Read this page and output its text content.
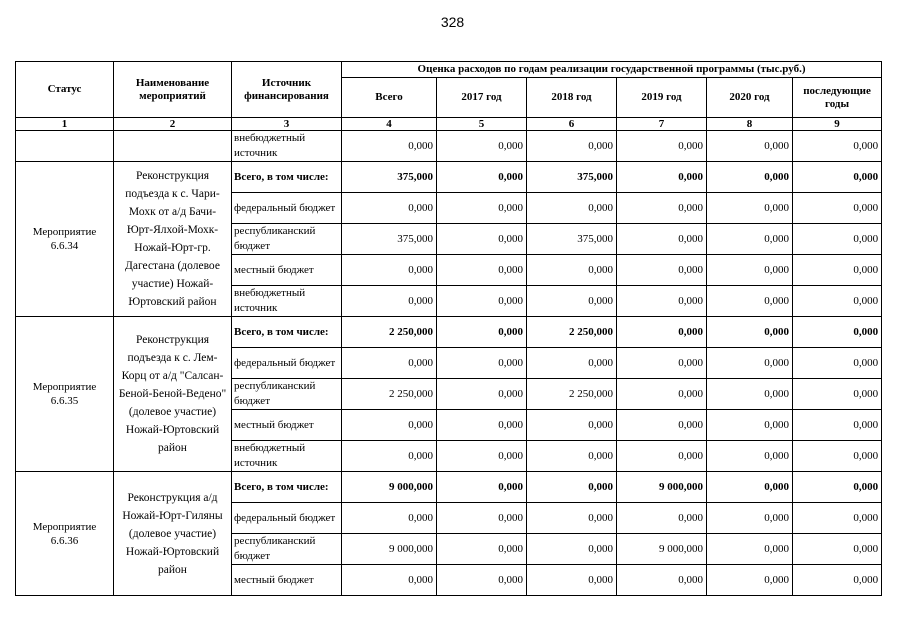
328
Статус	Наименование мероприятий	Источник финансирования	Оценка расходов по годам реализации государственной программы (тыс.руб.)					
			Всего	2017 год	2018 год	2019 год	2020 год	последующие годы
1	2	3	4	5	6	7	8	9
		внебюджетный источник	0,000	0,000	0,000	0,000	0,000	0,000
Мероприятие 6.6.34	Реконструкция подъезда к с. Чари-Мохк от а/д Бачи-Юрт-Ялхой-Мохк-Ножай-Юрт-гр. Дагестана (долевое участие) Ножай-Юртовский район	Всего, в том числе:	375,000	0,000	375,000	0,000	0,000	0,000
		федеральный бюджет	0,000	0,000	0,000	0,000	0,000	0,000
		республиканский бюджет	375,000	0,000	375,000	0,000	0,000	0,000
		местный бюджет	0,000	0,000	0,000	0,000	0,000	0,000
		внебюджетный источник	0,000	0,000	0,000	0,000	0,000	0,000
Мероприятие 6.6.35	Реконструкция подъезда к с. Лем-Корц от а/д "Салсан-Беной-Беной-Ведено" (долевое участие) Ножай-Юртовский район	Всего, в том числе:	2 250,000	0,000	2 250,000	0,000	0,000	0,000
		федеральный бюджет	0,000	0,000	0,000	0,000	0,000	0,000
		республиканский бюджет	2 250,000	0,000	2 250,000	0,000	0,000	0,000
		местный бюджет	0,000	0,000	0,000	0,000	0,000	0,000
		внебюджетный источник	0,000	0,000	0,000	0,000	0,000	0,000
Мероприятие 6.6.36	Реконструкция а/д Ножай-Юрт-Гиляны (долевое участие) Ножай-Юртовский район	Всего, в том числе:	9 000,000	0,000	0,000	9 000,000	0,000	0,000
		федеральный бюджет	0,000	0,000	0,000	0,000	0,000	0,000
		республиканский бюджет	9 000,000	0,000	0,000	9 000,000	0,000	0,000
		местный бюджет	0,000	0,000	0,000	0,000	0,000	0,000
